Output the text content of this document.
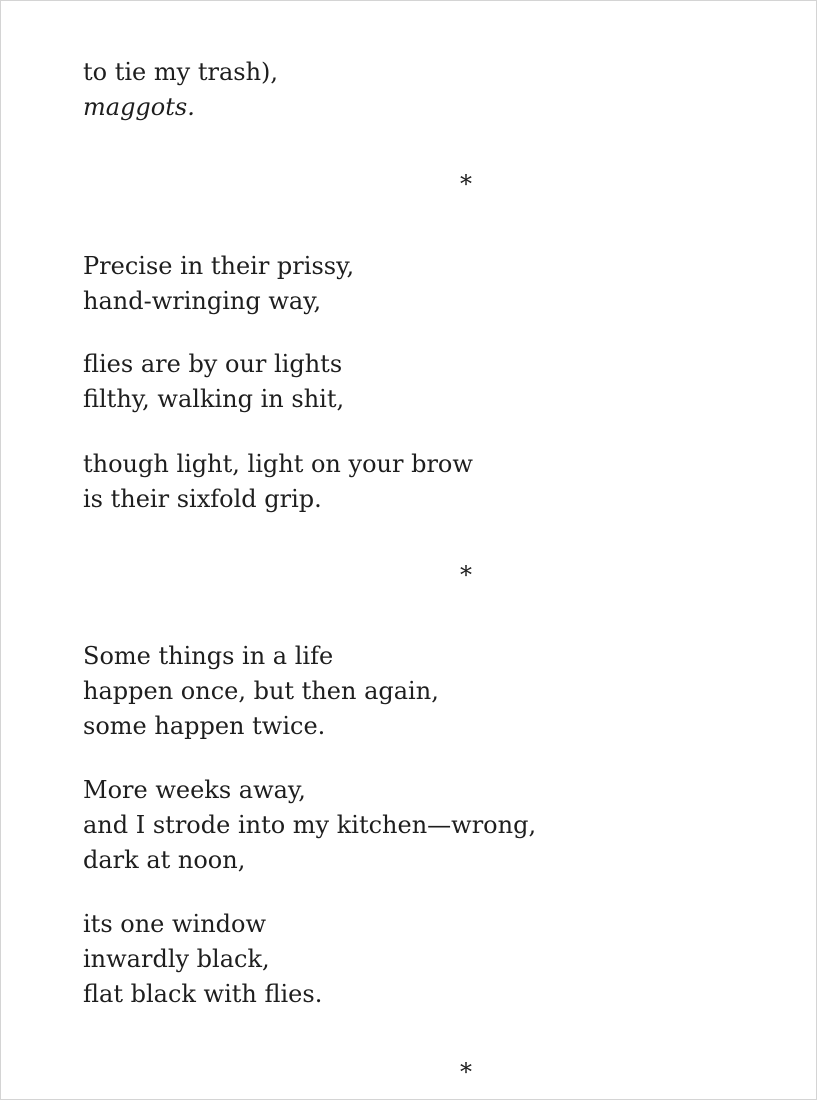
to tie my trash),
maggots.
*
Precise in their prissy,
hand-wringing way,
flies are by our lights
filthy, walking in shit,
though light, light on your brow
is their sixfold grip.
*
Some things in a life
happen once, but then again,
some happen twice.
More weeks away,
and I strode into my kitchen—wrong,
dark at noon,
its one window
inwardly black,
flat black with flies.
*
